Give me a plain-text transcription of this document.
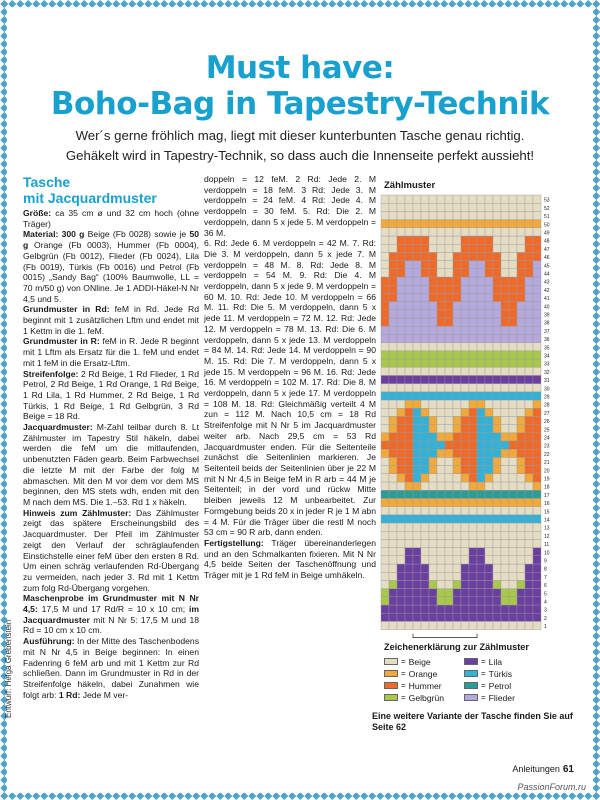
Must have:
Boho-Bag in Tapestry-Technik
Wer´s gerne fröhlich mag, liegt mit dieser kunterbunten Tasche genau richtig.
Gehäkelt wird in Tapestry-Technik, so dass auch die Innenseite perfekt aussieht!
Tasche
mit Jacquardmuster

Größe: ca 35 cm ø und 32 cm hoch (ohne Träger)

Material: 300 g Beige (Fb 0028) sowie je 50 g Orange (Fb 0003), Hummer (Fb 0004), Gelbgrün (Fb 0012), Flieder (Fb 0024), Lila (Fb 0019), Türkis (Fb 0016) und Petrol (Fb 0015) „Sandy Bag“ (100% Baumwolle, LL = 70 m/50 g) von ONline. Je 1 ADDI-Häkel-N Nr 4,5 und 5.

Grundmuster in Rd: feM in Rd. Jede Rd beginnt mit 1 zusätzlichen Lftm und endet mit 1 Kettm in die 1. feM.

Grundmuster in R: feM in R. Jede R beginnt mit 1 Lftm als Ersatz für die 1. feM und endet mit 1 feM in die Ersatz-Lftm.

Streifenfolge: 2 Rd Beige, 1 Rd Flieder, 1 Rd Petrol, 2 Rd Beige, 1 Rd Orange, 1 Rd Beige, 1 Rd Lila, 1 Rd Hummer, 2 Rd Beige, 1 Rd Türkis, 1 Rd Beige, 1 Rd Gelbgrün, 3 Rd Beige = 18 Rd.

Jacquardmuster: M-Zahl teilbar durch 8. Lt Zählmuster im Tapestry Stil häkeln, dabei werden die feM um die mitlaufenden, unbenutzten Fäden gearb. Beim Farbwechsel die letzte M mit der Farbe der folg M abmaschen. Mit den M vor dem vor dem MS beginnen, den MS stets wdh, enden mit den M nach dem MS. Die 1.–53. Rd 1 x häkeln.

Hinweis zum Zählmuster: Das Zählmuster zeigt das spätere Erscheinungsbild des Jacquardmuster. Der Pfeil im Zählmuster zeigt den Verlauf der schräglaufenden Einstichstelle einer feM über den ersten 8 Rd. Um einen schräg verlaufenden Rd-Übergang zu vermeiden, nach jeder 3. Rd mit 1 Kettm zum folg Rd-Übergang vorgehen.

Maschenprobe im Grundmuster mit N Nr 4,5: 17,5 M und 17 Rd/R = 10 x 10 cm; im Jacquardmuster mit N Nr 5: 17,5 M und 18 Rd = 10 cm x 10 cm.

Ausführung: In der Mitte des Taschenbodens mit N Nr 4,5 in Beige beginnen: In einen Fadenring 6 feM arb und mit 1 Kettm zur Rd schließen. Dann im Grundmuster in Rd in der Streifenfolge häkeln, dabei Zunahmen wie folgt arb: 1 Rd: Jede M ver-

doppeln = 12 feM. 2 Rd: Jede 2. M verdoppeln = 18 feM. 3 Rd: Jede 3. M verdoppeln = 24 feM. 4 Rd: Jede 4. M verdoppeln = 30 feM. 5. Rd: Die 2. M verdoppeln, dann 5 x jede 5. M verdoppeln = 36 M.

6. Rd: Jede 6. M verdoppeln = 42 M. 7. Rd: Die 3. M verdoppeln, dann 5 x jede 7. M verdoppeln = 48 M. 8. Rd: Jede 8. M verdoppeln = 54 M. 9. Rd: Die 4. M verdoppeln, dann 5 x jede 9. M verdoppeln = 60 M. 10. Rd: Jede 10. M verdoppeln = 66 M. 11. Rd: Die 5. M verdoppeln, dann 5 x jede 11. M verdoppeln = 72 M. 12. Rd: Jede 12. M verdoppeln = 78 M. 13. Rd: Die 6. M verdoppeln, dann 5 x jede 13. M verdoppeln = 84 M. 14. Rd: Jede 14. M verdoppeln = 90 M. 15. Rd: Die 7. M verdoppeln, dann 5 x jede 15. M verdoppeln = 96 M. 16. Rd: Jede 16. M verdoppeln = 102 M. 17. Rd: Die 8. M verdoppeln, dann 5 x jede 17. M verdoppeln = 108 M. 18. Rd: Gleichmäßig verteilt 4 M zun = 112 M. Nach 10,5 cm = 18 Rd Streifenfolge mit N Nr 5 im Jacquardmuster weiter arb. Nach 29,5 cm = 53 Rd Jacquardmuster enden. Für die Seitenteile zunächst die Seitenlinien markieren. Je Seitenteil beids der Seitenlinien über je 22 M mit N Nr 4,5 in Beige feM in R arb = 44 M je Seitenteil; in der vord und rückw Mitte bleiben jeweils 12 M unbearbeitet. Zur Formgebung beids 20 x in jeder R je 1 M abn = 4 M. Für die Träger über die restl M noch 53 cm = 90 R arb, dann enden.

Fertigstellung: Träger übereinanderlegen und an den Schmalkanten fixieren. Mit N Nr 4,5 beide Seiten der Taschenöffnung und Träger mit je 1 Rd feM in Beige umhäkeln.

Entwurf: Helga Grebenstein
Zählmuster
53
52
51
50
49
48
47
46
45
44
43
42
41
40
39
38
37
36
35
34
33
32
31
30
29
28
27
26
25
24
23
22
21
20
19
18
17
16
15
14
13
12
11
10
9
8
7
6
5
4
3
2
1
Zeichenerklärung zur Zählmuster
= Beige	= Lila
= Orange	= Türkis
= Hummer	= Petrol
= Gelbgrün	= Flieder
Eine weitere Variante der Tasche finden Sie auf Seite 62
Anleitungen 61
PassionForum.ru
